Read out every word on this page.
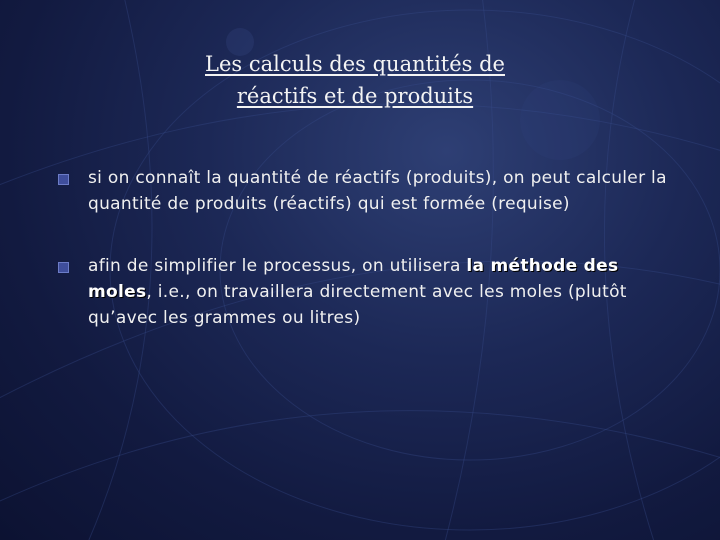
Les calculs des quantités de
réactifs et de produits
si on connaît la quantité de réactifs (produits), on peut calculer la quantité de produits (réactifs) qui est formée (requise)
afin de simplifier le processus, on utilisera la méthode des moles, i.e., on travaillera directement avec les moles (plutôt qu’avec les grammes ou litres)
